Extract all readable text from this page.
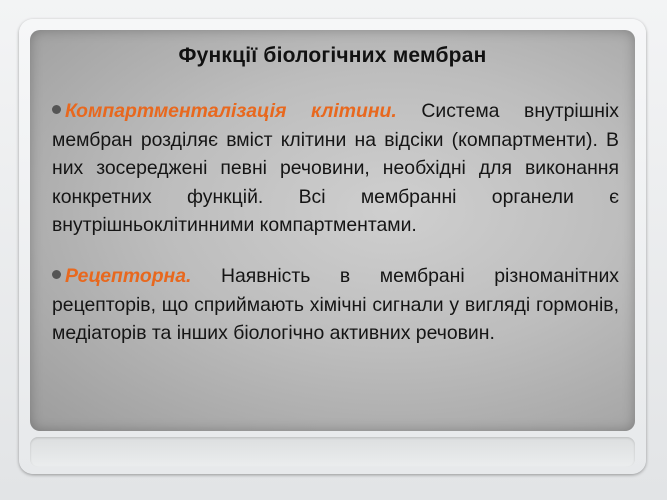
Функції біологічних мембран

Компартменталізація клітини. Система внутрішніх мембран розділяє вміст клітини на відсіки (компартменти). В них зосереджені певні речовини, необхідні для виконання конкретних функцій. Всі мембранні органели є внутрішньоклітинними компартментами.

Рецепторна. Наявність в мембрані різноманітних рецепторів, що сприймають хімічні сигнали у вигляді гормонів, медіаторів та інших біологічно активних речовин.
